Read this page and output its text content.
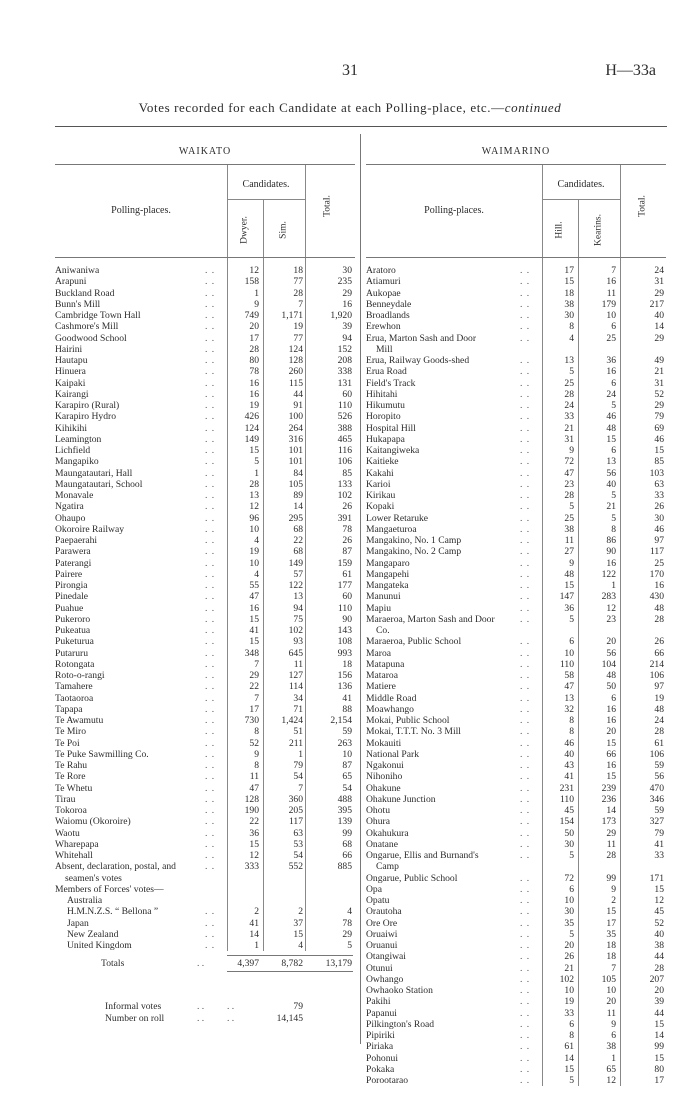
31	H—33a
Votes recorded for each Candidate at each Polling-place, etc.—continued
WAIKATO
Polling-places.
Candidates.
Dwyer.	Sim.
Total.
Aniwaniwa	. .	12	18	30
Arapuni	. .	158	77	235
Buckland Road	. .	1	28	29
Bunn's Mill	. .	9	7	16
Cambridge Town Hall	. .	749	1,171	1,920
Cashmore's Mill	. .	20	19	39
Goodwood School	. .	17	77	94
Hairini	. .	28	124	152
Hautapu	. .	80	128	208
Hinuera	. .	78	260	338
Kaipaki	. .	16	115	131
Kairangi	. .	16	44	60
Karapiro (Rural)	. .	19	91	110
Karapiro Hydro	. .	426	100	526
Kihikihi	. .	124	264	388
Leamington	. .	149	316	465
Lichfield	. .	15	101	116
Mangapiko	. .	5	101	106
Maungatautari, Hall	. .	1	84	85
Maungatautari, School	. .	28	105	133
Monavale	. .	13	89	102
Ngatira	. .	12	14	26
Ohaupo	. .	96	295	391
Okoroire Railway	. .	10	68	78
Paepaerahi	. .	4	22	26
Parawera	. .	19	68	87
Paterangi	. .	10	149	159
Pairere	. .	4	57	61
Pirongia	. .	55	122	177
Pinedale	. .	47	13	60
Puahue	. .	16	94	110
Pukeroro	. .	15	75	90
Pukeatua	. .	41	102	143
Puketurua	. .	15	93	108
Putaruru	. .	348	645	993
Rotongata	. .	7	11	18
Roto-o-rangi	. .	29	127	156
Tamahere	. .	22	114	136
Taotaoroa	. .	7	34	41
Tapapa	. .	17	71	88
Te Awamutu	. .	730	1,424	2,154
Te Miro	. .	8	51	59
Te Poi	. .	52	211	263
Te Puke Sawmilling Co.	. .	9	1	10
Te Rahu	. .	8	79	87
Te Rore	. .	11	54	65
Te Whetu	. .	47	7	54
Tirau	. .	128	360	488
Tokoroa	. .	190	205	395
Waiomu (Okoroire)	. .	22	117	139
Waotu	. .	36	63	99
Wharepapa	. .	15	53	68
Whitehall	. .	12	54	66
Absent, declaration, postal, and	. .	333	552	885
seamen's votes
Members of Forces' votes—
Australia
H.M.N.Z.S. “ Bellona ”	. .	2	2	4
Japan	. .	41	37	78
New Zealand	. .	14	15	29
United Kingdom	. .	1	4	5
Totals	. .	4,397	8,782	13,179
Informal votes	. . . .	79
Number on roll	. . . .	14,145
WAIMARINO
Polling-places.
Candidates.
Hill.	Kearins.
Total.
Aratoro	. .	17	7	24
Atiamuri	. .	15	16	31
Aukopae	. .	18	11	29
Benneydale	. .	38	179	217
Broadlands	. .	30	10	40
Erewhon	. .	8	6	14
Erua, Marton Sash and Door	. .	4	25	29
Mill
Erua, Railway Goods-shed	. .	13	36	49
Erua Road	. .	5	16	21
Field's Track	. .	25	6	31
Hihitahi	. .	28	24	52
Hikumutu	. .	24	5	29
Horopito	. .	33	46	79
Hospital Hill	. .	21	48	69
Hukapapa	. .	31	15	46
Kaitangiweka	. .	9	6	15
Kaitieke	. .	72	13	85
Kakahi	. .	47	56	103
Karioi	. .	23	40	63
Kirikau	. .	28	5	33
Kopaki	. .	5	21	26
Lower Retaruke	. .	25	5	30
Mangaeturoa	. .	38	8	46
Mangakino, No. 1 Camp	. .	11	86	97
Mangakino, No. 2 Camp	. .	27	90	117
Mangaparo	. .	9	16	25
Mangapehi	. .	48	122	170
Mangateka	. .	15	1	16
Manunui	. .	147	283	430
Mapiu	. .	36	12	48
Maraeroa, Marton Sash and Door	. .	5	23	28
Co.
Maraeroa, Public School	. .	6	20	26
Maroa	. .	10	56	66
Matapuna	. .	110	104	214
Mataroa	. .	58	48	106
Matiere	. .	47	50	97
Middle Road	. .	13	6	19
Moawhango	. .	32	16	48
Mokai, Public School	. .	8	16	24
Mokai, T.T.T. No. 3 Mill	. .	8	20	28
Mokauiti	. .	46	15	61
National Park	. .	40	66	106
Ngakonui	. .	43	16	59
Nihoniho	. .	41	15	56
Ohakune	. .	231	239	470
Ohakune Junction	. .	110	236	346
Ohotu	. .	45	14	59
Ohura	. .	154	173	327
Okahukura	. .	50	29	79
Onatane	. .	30	11	41
Ongarue, Ellis and Burnand's	. .	5	28	33
Camp
Ongarue, Public School	. .	72	99	171
Opa	. .	6	9	15
Opatu	. .	10	2	12
Orautoha	. .	30	15	45
Ore Ore	. .	35	17	52
Oruaiwi	. .	5	35	40
Oruanui	. .	20	18	38
Otangiwai	. .	26	18	44
Otunui	. .	21	7	28
Owhango	. .	102	105	207
Owhaoko Station	. .	10	10	20
Pakihi	. .	19	20	39
Papanui	. .	33	11	44
Pilkington's Road	. .	6	9	15
Pipiriki	. .	8	6	14
Piriaka	. .	61	38	99
Pohonui	. .	14	1	15
Pokaka	. .	15	65	80
Porootarao	. .	5	12	17
